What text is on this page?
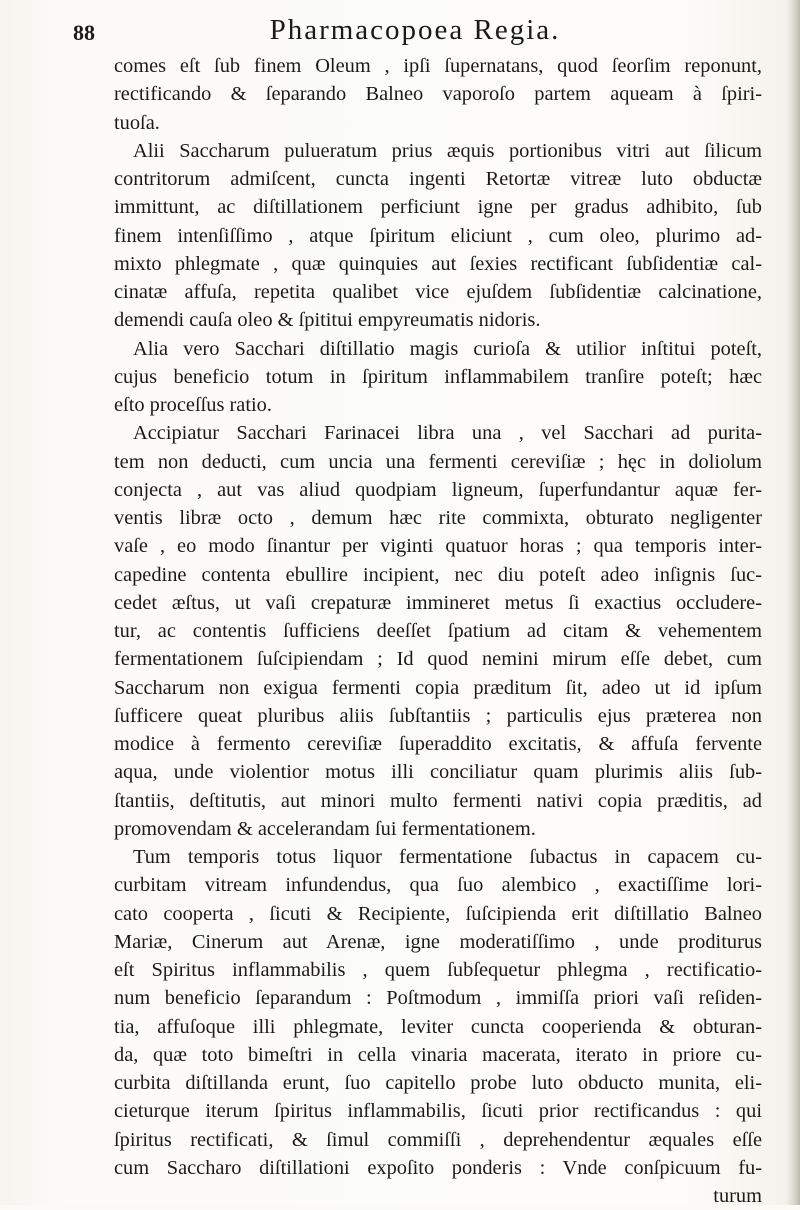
88	Pharmacopoea Regia.
comes eſt ſub finem Oleum , ipſi ſupernatans, quod ſeorſim reponunt,
rectificando & ſeparando Balneo vaporoſo partem aqueam à ſpiri-
tuoſa.
Alii Saccharum pulueratum prius æquis portionibus vitri aut ſilicum
contritorum admiſcent, cuncta ingenti Retortæ vitreæ luto obductæ
immittunt, ac diſtillationem perficiunt igne per gradus adhibito, ſub
finem intenſiſſimo , atque ſpiritum eliciunt , cum oleo, plurimo ad-
mixto phlegmate , quæ quinquies aut ſexies rectificant ſubſidentiæ cal-
cinatæ affuſa, repetita qualibet vice ejuſdem ſubſidentiæ calcinatione,
demendi cauſa oleo & ſpititui empyreumatis nidoris.
Alia vero Sacchari diſtillatio magis curioſa & utilior inſtitui poteſt,
cujus beneficio totum in ſpiritum inflammabilem tranſire poteſt; hæc
eſto proceſſus ratio.
Accipiatur Sacchari Farinacei libra una , vel Sacchari ad purita-
tem non deducti, cum uncia una fermenti cereviſiæ ; hęc in doliolum
conjecta , aut vas aliud quodpiam ligneum, ſuperfundantur aquæ fer-
ventis libræ octo , demum hæc rite commixta, obturato negligenter
vaſe , eo modo ſinantur per viginti quatuor horas ; qua temporis inter-
capedine contenta ebullire incipient, nec diu poteſt adeo inſignis ſuc-
cedet æſtus, ut vaſi crepaturæ immineret metus ſi exactius occludere-
tur, ac contentis ſufficiens deeſſet ſpatium ad citam & vehementem
fermentationem ſuſcipiendam ; Id quod nemini mirum eſſe debet, cum
Saccharum non exigua fermenti copia præditum ſit, adeo ut id ipſum
ſufficere queat pluribus aliis ſubſtantiis ; particulis ejus præterea non
modice à fermento cereviſiæ ſuperaddito excitatis, & affuſa fervente
aqua, unde violentior motus illi conciliatur quam plurimis aliis ſub-
ſtantiis, deſtitutis, aut minori multo fermenti nativi copia præditis, ad
promovendam & accelerandam ſui fermentationem.
Tum temporis totus liquor fermentatione ſubactus in capacem cu-
curbitam vitream infundendus, qua ſuo alembico , exactiſſime lori-
cato cooperta , ſicuti & Recipiente, ſuſcipienda erit diſtillatio Balneo
Mariæ, Cinerum aut Arenæ, igne moderatiſſimo , unde proditurus
eſt Spiritus inflammabilis , quem ſubſequetur phlegma , rectificatio-
num beneficio ſeparandum : Poſtmodum , immiſſa priori vaſi reſiden-
tia, affuſoque illi phlegmate, leviter cuncta cooperienda & obturan-
da, quæ toto bimeſtri in cella vinaria macerata, iterato in priore cu-
curbita diſtillanda erunt, ſuo capitello probe luto obducto munita, eli-
cieturque iterum ſpiritus inflammabilis, ſicuti prior rectificandus : qui
ſpiritus rectificati, & ſimul commiſſi , deprehendentur æquales eſſe
cum Saccharo diſtillationi expoſito ponderis : Vnde conſpicuum fu-
turum
